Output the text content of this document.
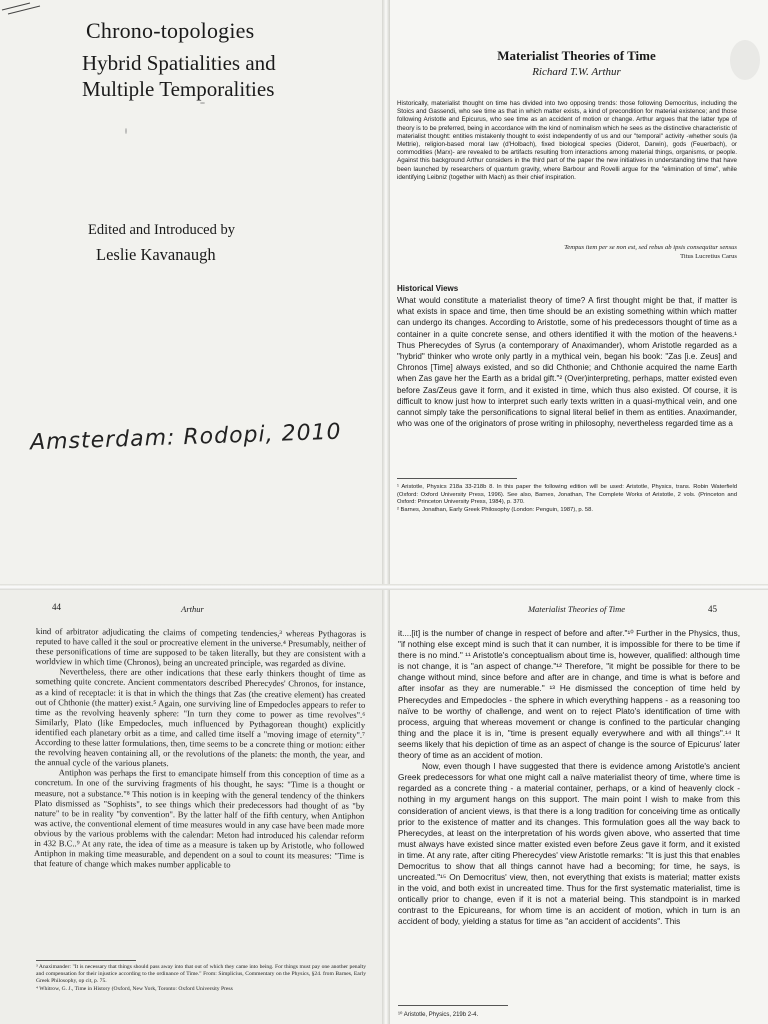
Chrono-topologies
Hybrid Spatialities and
Multiple Temporalities
Edited and Introduced by
Leslie Kavanaugh
Amsterdam: Rodopi, 2010
Materialist Theories of Time
Richard T.W. Arthur
Historically, materialist thought on time has divided into two opposing trends: those following Democritus, including the Stoics and Gassendi, who see time as that in which matter exists, a kind of precondition for material existence; and those following Aristotle and Epicurus, who see time as an accident of motion or change. Arthur argues that the latter type of theory is to be preferred, being in accordance with the kind of nominalism which he sees as the distinctive characteristic of materialist thought: entities mistakenly thought to exist independently of us and our "temporal" activity -whether souls (la Mettrie), religion-based moral law (d'Holbach), fixed biological species (Diderot, Darwin), gods (Feuerbach), or commodities (Marx)- are revealed to be artifacts resulting from interactions among material things, organisms, or people. Against this background Arthur considers in the third part of the paper the new initiatives in understanding time that have been launched by researchers of quantum gravity, where Barbour and Rovelli argue for the "elimination of time", while identifying Leibniz (together with Mach) as their chief inspiration.
Tempus item per se non est, sed rebus ab ipsis consequitur sensus
Titus Lucretius Carus
Historical Views
What would constitute a materialist theory of time? A first thought might be that, if matter is what exists in space and time, then time should be an existing something within which matter can undergo its changes. According to Aristotle, some of his predecessors thought of time as a container in a quite concrete sense, and others identified it with the motion of the heavens.¹ Thus Pherecydes of Syrus (a contemporary of Anaximander), whom Aristotle regarded as a "hybrid" thinker who wrote only partly in a mythical vein, began his book: "Zas [i.e. Zeus] and Chronos [Time] always existed, and so did Chthonie; and Chthonie acquired the name Earth when Zas gave her the Earth as a bridal gift."² (Over)interpreting, perhaps, matter existed even before Zas/Zeus gave it form, and it existed in time, which thus also existed. Of course, it is difficult to know just how to interpret such early texts written in a quasi-mythical vein, and one cannot simply take the personifications to signal literal belief in them as entities. Anaximander, who was one of the originators of prose writing in philosophy, nevertheless regarded time as a

¹ Aristotle, Physics 218a 33-218b 8. In this paper the following edition will be used: Aristotle, Physics, trans. Robin Waterfield (Oxford: Oxford University Press, 1996). See also, Barnes, Jonathan, The Complete Works of Aristotle, 2 vols. (Princeton and Oxford: Princeton University Press, 1984), p. 370.

² Barnes, Jonathan, Early Greek Philosophy (London: Penguin, 1987), p. 58.

44	Arthur

kind of arbitrator adjudicating the claims of competing tendencies,³ whereas Pythagoras is reputed to have called it the soul or procreative element in the universe.⁴ Presumably, neither of these personifications of time are supposed to be taken literally, but they are consistent with a worldview in which time (Chronos), being an uncreated principle, was regarded as divine.

Nevertheless, there are other indications that these early thinkers thought of time as something quite concrete. Ancient commentators described Pherecydes' Chronos, for instance, as a kind of receptacle: it is that in which the things that Zas (the creative element) has created out of Chthonie (the matter) exist.⁵ Again, one surviving line of Empedocles appears to refer to time as the revolving heavenly sphere: "In turn they come to power as time revolves".⁶ Similarly, Plato (like Empedocles, much influenced by Pythagorean thought) explicitly identified each planetary orbit as a time, and called time itself a "moving image of eternity".⁷ According to these latter formulations, then, time seems to be a concrete thing or motion: either the revolving heaven containing all, or the revolutions of the planets: the month, the year, and the annual cycle of the various planets.

Antiphon was perhaps the first to emancipate himself from this conception of time as a concretum. In one of the surviving fragments of his thought, he says: "Time is a thought or measure, not a substance."⁸ This notion is in keeping with the general tendency of the thinkers Plato dismissed as "Sophists", to see things which their predecessors had thought of as "by nature" to be in reality "by convention". By the latter half of the fifth century, when Antiphon was active, the conventional element of time measures would in any case have been made more obvious by the various problems with the calendar: Meton had introduced his calendar reform in 432 B.C..⁹ At any rate, the idea of time as a measure is taken up by Aristotle, who followed Antiphon in making time measurable, and dependent on a soul to count its measures: "Time is that feature of change which makes number applicable to

³ Anaximander: "It is necessary that things should pass away into that out of which they came into being. For things must pay one another penalty and compensation for their injustice according to the ordinance of Time." From: Simplicius, Commentary on the Physics, §24. from Barnes, Early Greek Philosophy, op cit, p. 75.

⁴ Whitrow, G. J., Time in History (Oxford, New York, Toronto: Oxford University Press

Materialist Theories of Time	45

it....[it] is the number of change in respect of before and after."¹⁰ Further in the Physics, thus, "if nothing else except mind is such that it can number, it is impossible for there to be time if there is no mind." ¹¹ Aristotle's conceptualism about time is, however, qualified: although time is not change, it is "an aspect of change."¹² Therefore, "it might be possible for there to be change without mind, since before and after are in change, and time is what is before and after insofar as they are numerable." ¹³ He dismissed the conception of time held by Pherecydes and Empedocles - the sphere in which everything happens - as a reasoning too naïve to be worthy of challenge, and went on to reject Plato's identification of time with process, arguing that whereas movement or change is confined to the particular changing thing and the place it is in, "time is present equally everywhere and with all things".¹⁴ It seems likely that his depiction of time as an aspect of change is the source of Epicurus' later theory of time as an accident of motion.

Now, even though I have suggested that there is evidence among Aristotle's ancient Greek predecessors for what one might call a naïve materialist theory of time, where time is regarded as a concrete thing - a material container, perhaps, or a kind of heavenly clock - nothing in my argument hangs on this support. The main point I wish to make from this consideration of ancient views, is that there is a long tradition for conceiving time as ontically prior to the existence of matter and its changes. This formulation goes all the way back to Pherecydes, at least on the interpretation of his words given above, who asserted that time must always have existed since matter existed even before Zeus gave it form, and it existed in time. At any rate, after citing Pherecydes' view Aristotle remarks: "It is just this that enables Democritus to show that all things cannot have had a becoming; for time, he says, is uncreated."¹⁵ On Democritus' view, then, not everything that exists is material; matter exists in the void, and both exist in uncreated time. Thus for the first systematic materialist, time is ontically prior to change, even if it is not a material being. This standpoint is in marked contrast to the Epicureans, for whom time is an accident of motion, which in turn is an accident of body, yielding a status for time as "an accident of accidents". This

¹⁰ Aristotle, Physics, 219b 2-4.
